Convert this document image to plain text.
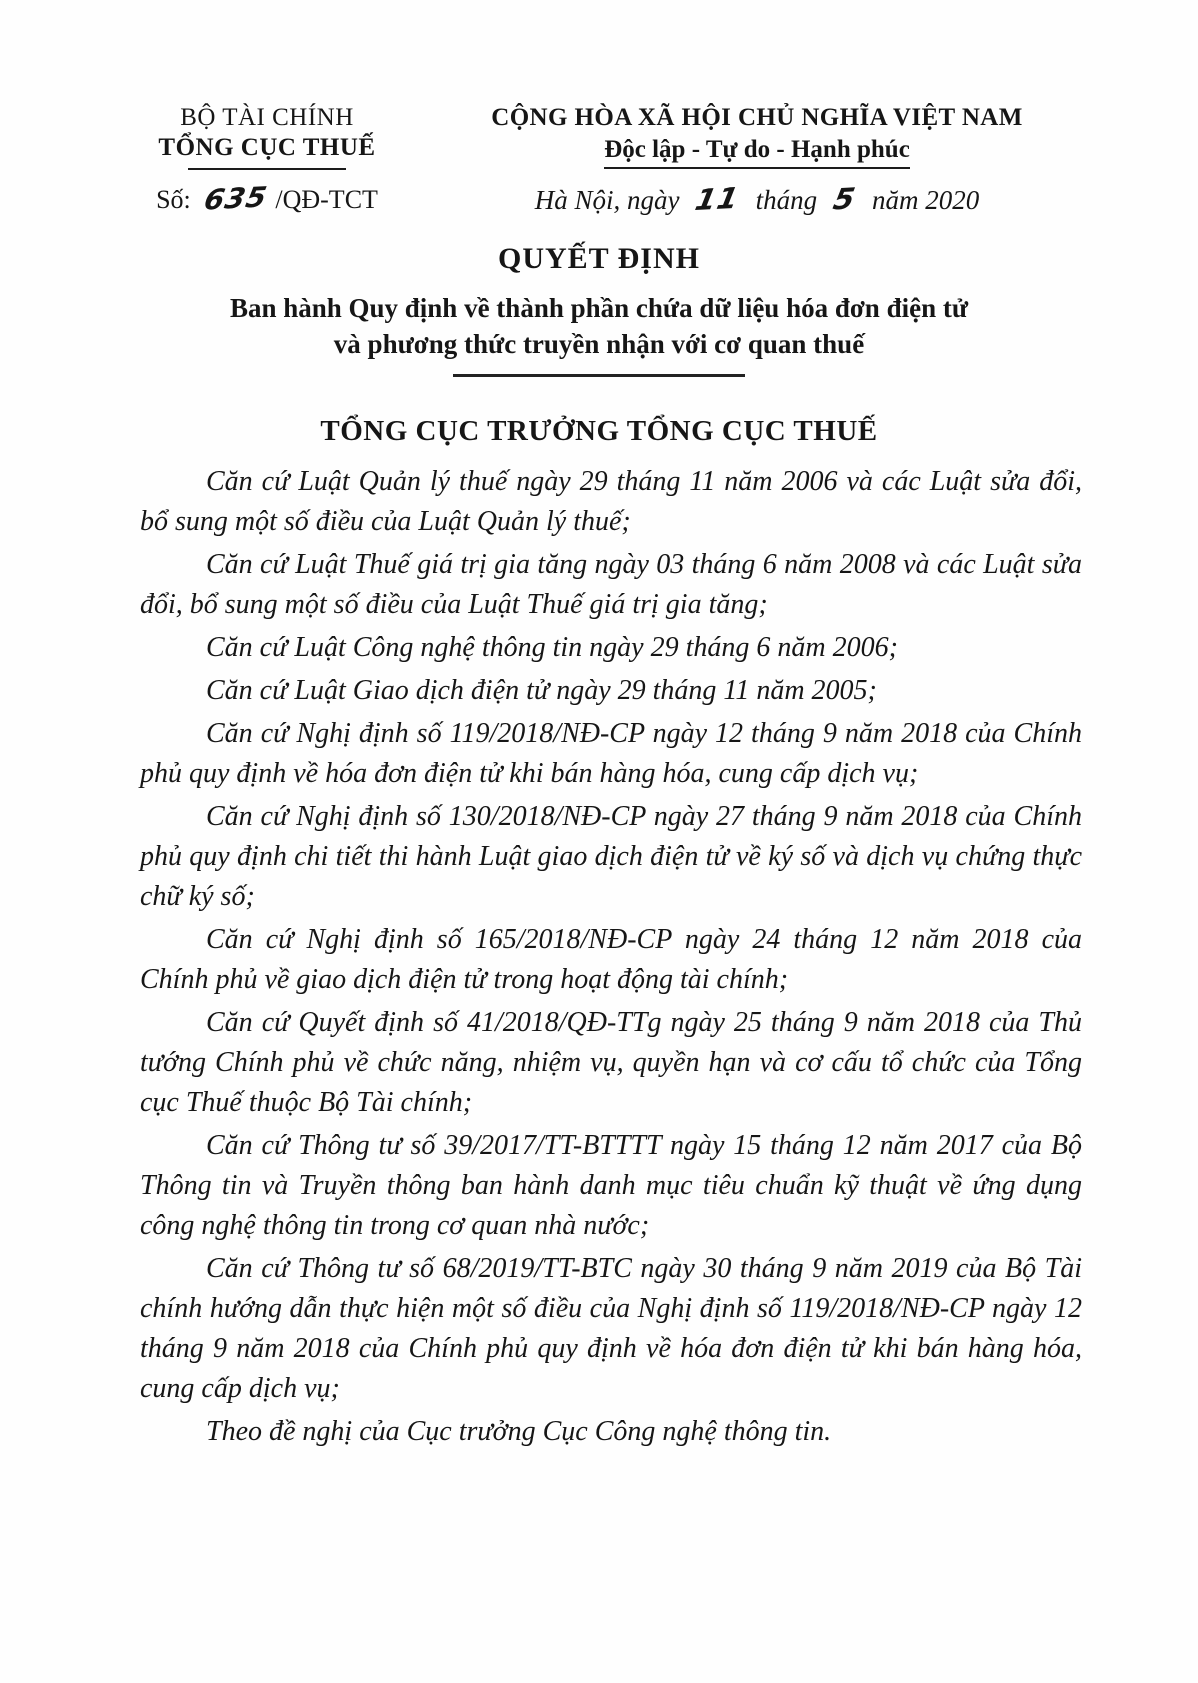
BỘ TÀI CHÍNH
TỔNG CỤC THUẾ
Số: 635 /QĐ-TCT
CỘNG HÒA XÃ HỘI CHỦ NGHĨA VIỆT NAM
Độc lập - Tự do - Hạnh phúc
Hà Nội, ngày 11 tháng 5 năm 2020
QUYẾT ĐỊNH
Ban hành Quy định về thành phần chứa dữ liệu hóa đơn điện tử
và phương thức truyền nhận với cơ quan thuế
TỔNG CỤC TRƯỞNG TỔNG CỤC THUẾ

Căn cứ Luật Quản lý thuế ngày 29 tháng 11 năm 2006 và các Luật sửa đổi, bổ sung một số điều của Luật Quản lý thuế;

Căn cứ Luật Thuế giá trị gia tăng ngày 03 tháng 6 năm 2008 và các Luật sửa đổi, bổ sung một số điều của Luật Thuế giá trị gia tăng;

Căn cứ Luật Công nghệ thông tin ngày 29 tháng 6 năm 2006;

Căn cứ Luật Giao dịch điện tử ngày 29 tháng 11 năm 2005;

Căn cứ Nghị định số 119/2018/NĐ-CP ngày 12 tháng 9 năm 2018 của Chính phủ quy định về hóa đơn điện tử khi bán hàng hóa, cung cấp dịch vụ;

Căn cứ Nghị định số 130/2018/NĐ-CP ngày 27 tháng 9 năm 2018 của Chính phủ quy định chi tiết thi hành Luật giao dịch điện tử về ký số và dịch vụ chứng thực chữ ký số;

Căn cứ Nghị định số 165/2018/NĐ-CP ngày 24 tháng 12 năm 2018 của Chính phủ về giao dịch điện tử trong hoạt động tài chính;

Căn cứ Quyết định số 41/2018/QĐ-TTg ngày 25 tháng 9 năm 2018 của Thủ tướng Chính phủ về chức năng, nhiệm vụ, quyền hạn và cơ cấu tổ chức của Tổng cục Thuế thuộc Bộ Tài chính;

Căn cứ Thông tư số 39/2017/TT-BTTTT ngày 15 tháng 12 năm 2017 của Bộ Thông tin và Truyền thông ban hành danh mục tiêu chuẩn kỹ thuật về ứng dụng công nghệ thông tin trong cơ quan nhà nước;

Căn cứ Thông tư số 68/2019/TT-BTC ngày 30 tháng 9 năm 2019 của Bộ Tài chính hướng dẫn thực hiện một số điều của Nghị định số 119/2018/NĐ-CP ngày 12 tháng 9 năm 2018 của Chính phủ quy định về hóa đơn điện tử khi bán hàng hóa, cung cấp dịch vụ;

Theo đề nghị của Cục trưởng Cục Công nghệ thông tin.
